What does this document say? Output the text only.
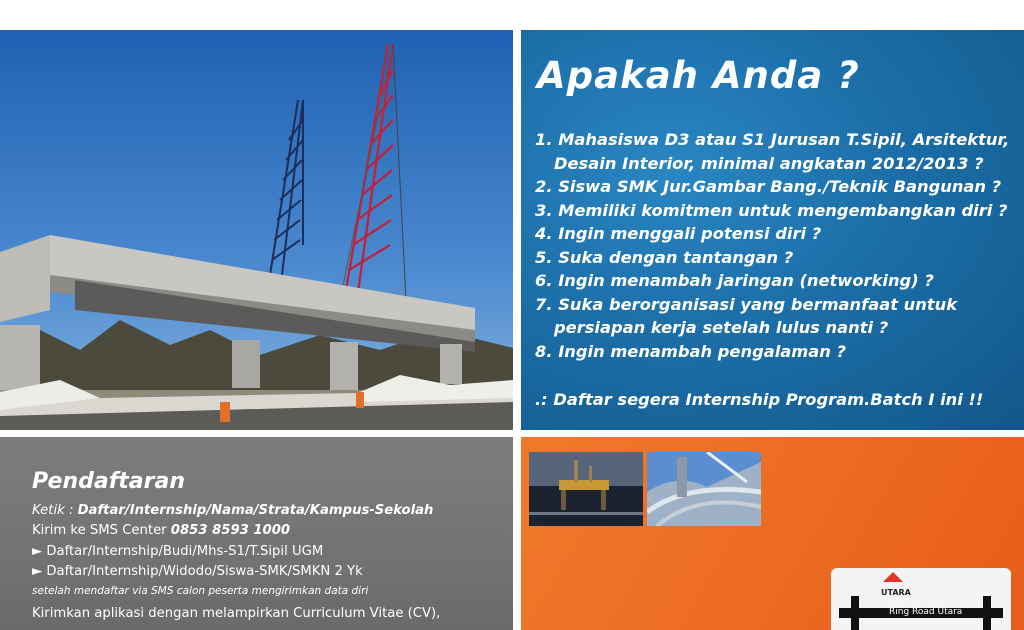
Apakah Anda ?
1. Mahasiswa D3 atau S1 Jurusan T.Sipil, Arsitektur,
Desain Interior, minimal angkatan 2012/2013 ?
2. Siswa SMK Jur.Gambar Bang./Teknik Bangunan ?
3. Memiliki komitmen untuk mengembangkan diri ?
4. Ingin menggali potensi diri ?
5. Suka dengan tantangan ?
6. Ingin menambah jaringan (networking) ?
7. Suka berorganisasi yang bermanfaat untuk
persiapan kerja setelah lulus nanti ?
8. Ingin menambah pengalaman ?
.: Daftar segera Internship Program.Batch I ini !!
Pendaftaran
Ketik : Daftar/Internship/Nama/Strata/Kampus-Sekolah
Kirim ke SMS Center 0853 8593 1000
► Daftar/Internship/Budi/Mhs-S1/T.Sipil UGM
► Daftar/Internship/Widodo/Siswa-SMK/SMKN 2 Yk
setelah mendaftar via SMS calon peserta mengirimkan data diri
Kirimkan aplikasi dengan melampirkan Curriculum Vitae (CV),
UTARA
Ring Road Utara
